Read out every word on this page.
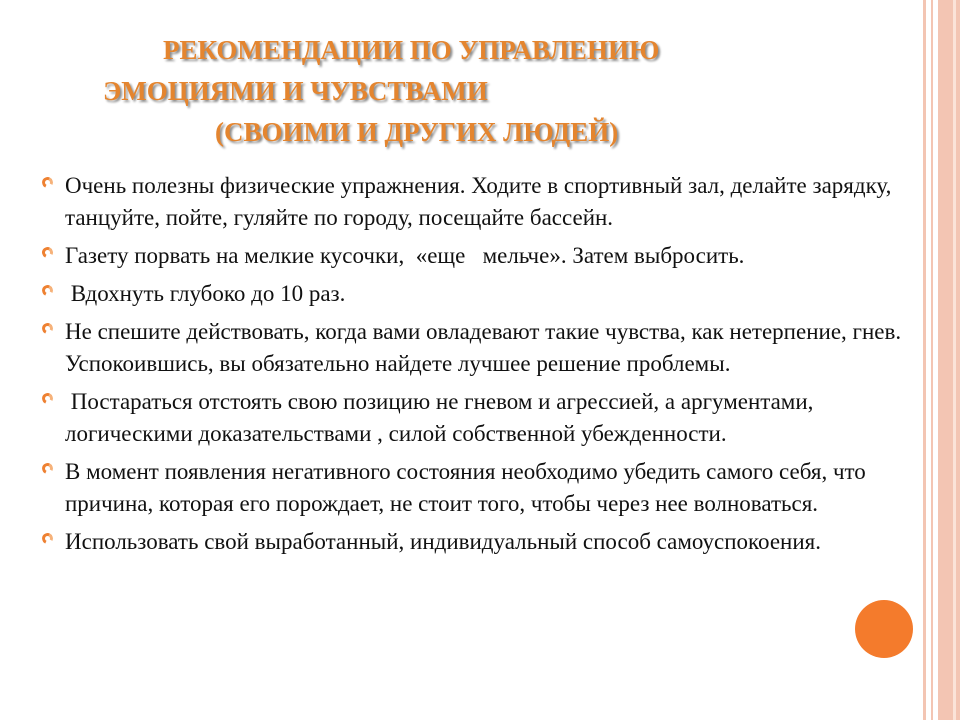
РЕКОМЕНДАЦИИ ПО УПРАВЛЕНИЮ
ЭМОЦИЯМИ И ЧУВСТВАМИ
(СВОИМИ И ДРУГИХ ЛЮДЕЙ)
Очень полезны физические упражнения. Ходите в спортивный зал, делайте зарядку, танцуйте, пойте, гуляйте по городу, посещайте бассейн.
Газету порвать на мелкие кусочки,  «еще   мельче». Затем выбросить.
Вдохнуть глубоко до 10 раз.
Не спешите действовать, когда вами овладевают такие чувства, как нетерпение, гнев. Успокоившись, вы обязательно найдете лучшее решение проблемы.
Постараться отстоять свою позицию не гневом и агрессией, а аргументами, логическими доказательствами , силой собственной убежденности.
В момент появления негативного состояния необходимо убедить самого себя, что причина, которая его порождает, не стоит того, чтобы через нее волноваться.
Использовать свой выработанный, индивидуальный способ самоуспокоения.
